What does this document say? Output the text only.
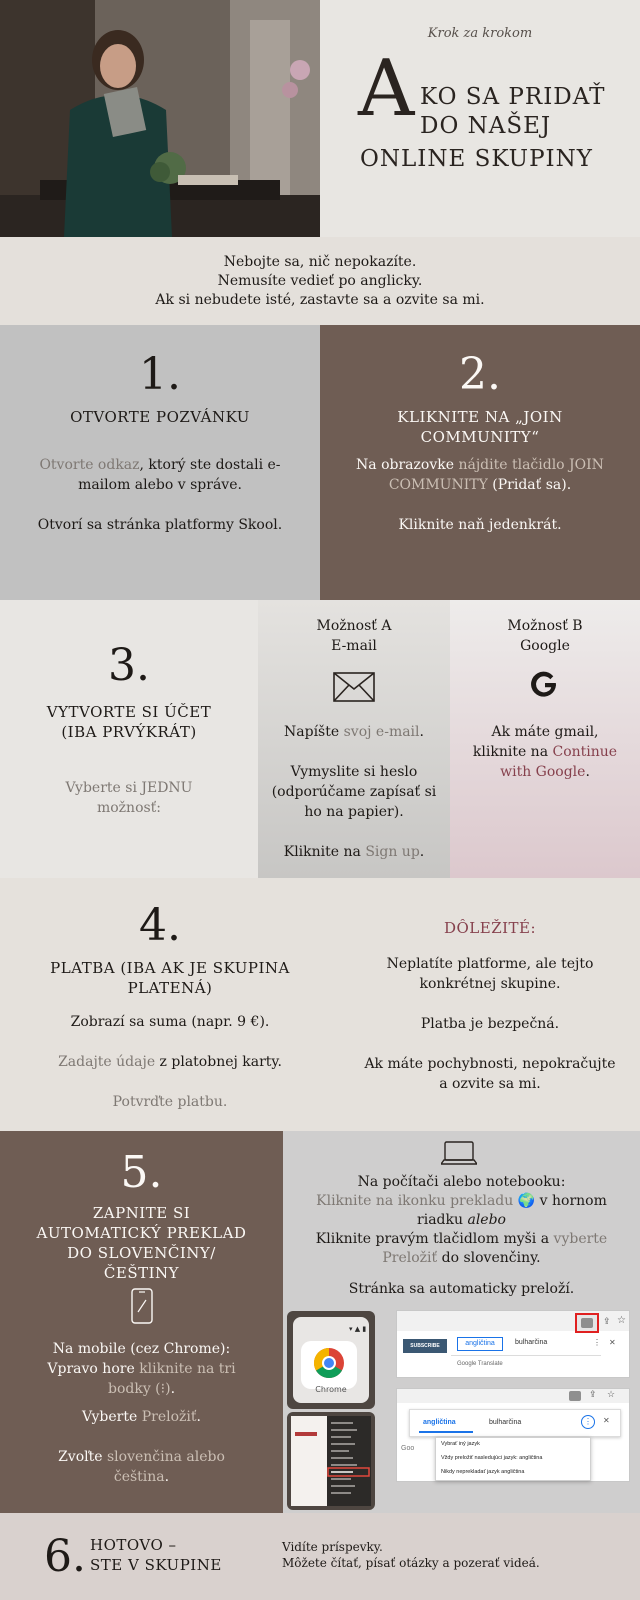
Krok za krokom
A KO SA PRIDAŤ
DO NAŠEJ
ONLINE SKUPINY

Nebojte sa, nič nepokazíte.

Nemusíte vedieť po anglicky.

Ak si nebudete isté, zastavte sa a ozvite sa mi.

1.
OTVORTE POZVÁNKU
Otvorte odkaz, ktorý ste dostali e-mailom alebo v správe.
Otvorí sa stránka platformy Skool.
2.
KLIKNITE NA „JOIN
COMMUNITY“
Na obrazovke nájdite tlačidlo JOIN COMMUNITY (Pridať sa).
Kliknite naň jedenkrát.
3.
VYTVORTE SI ÚČET
(IBA PRVÝKRÁT)
Vyberte si JEDNU možnosť:
Možnosť A
E-mail
Napíšte svoj e-mail.
Vymyslite si heslo (odporúčame zapísať si ho na papier).
Kliknite na Sign up.
Možnosť B
Google
Ak máte gmail, kliknite na Continue with Google.
4.
PLATBA (IBA AK JE SKUPINA PLATENÁ)
Zobrazí sa suma (napr. 9 €).
Zadajte údaje z platobnej karty.
Potvrďte platbu.
DÔLEŽITÉ:
Neplatíte platforme, ale tejto konkrétnej skupine.
Platba je bezpečná.
Ak máte pochybnosti, nepokračujte a ozvite sa mi.
5.
ZAPNITE SI AUTOMATICKÝ PREKLAD DO SLOVENČINY/ ČEŠTINY
Na mobile (cez Chrome): Vpravo hore kliknite na tri bodky (⁝).
Vyberte Preložiť.
Zvoľte slovenčina alebo čeština.
Na počítači alebo notebooku:
Kliknite na ikonku prekladu 🌍 v hornom riadku alebo
Kliknite pravým tlačidlom myši a vyberte Preložiť do slovenčiny.
Stránka sa automaticky preloží.
▾ ▲ ▮
Chrome
⇪ ☆
SUBSCRIBE	angličtina	bulharčina	⋮ ✕
Google Translate
⇪ ☆
angličtina	bulharčina	⋮	✕
Goo
Vybrať iný jazyk
Vždy preložiť nasledujúci jazyk: angličtina
Nikdy neprekladať jazyk angličtina
6. HOTOVO –
STE V SKUPINE
Vidíte príspevky.
Môžete čítať, písať otázky a pozerať videá.
